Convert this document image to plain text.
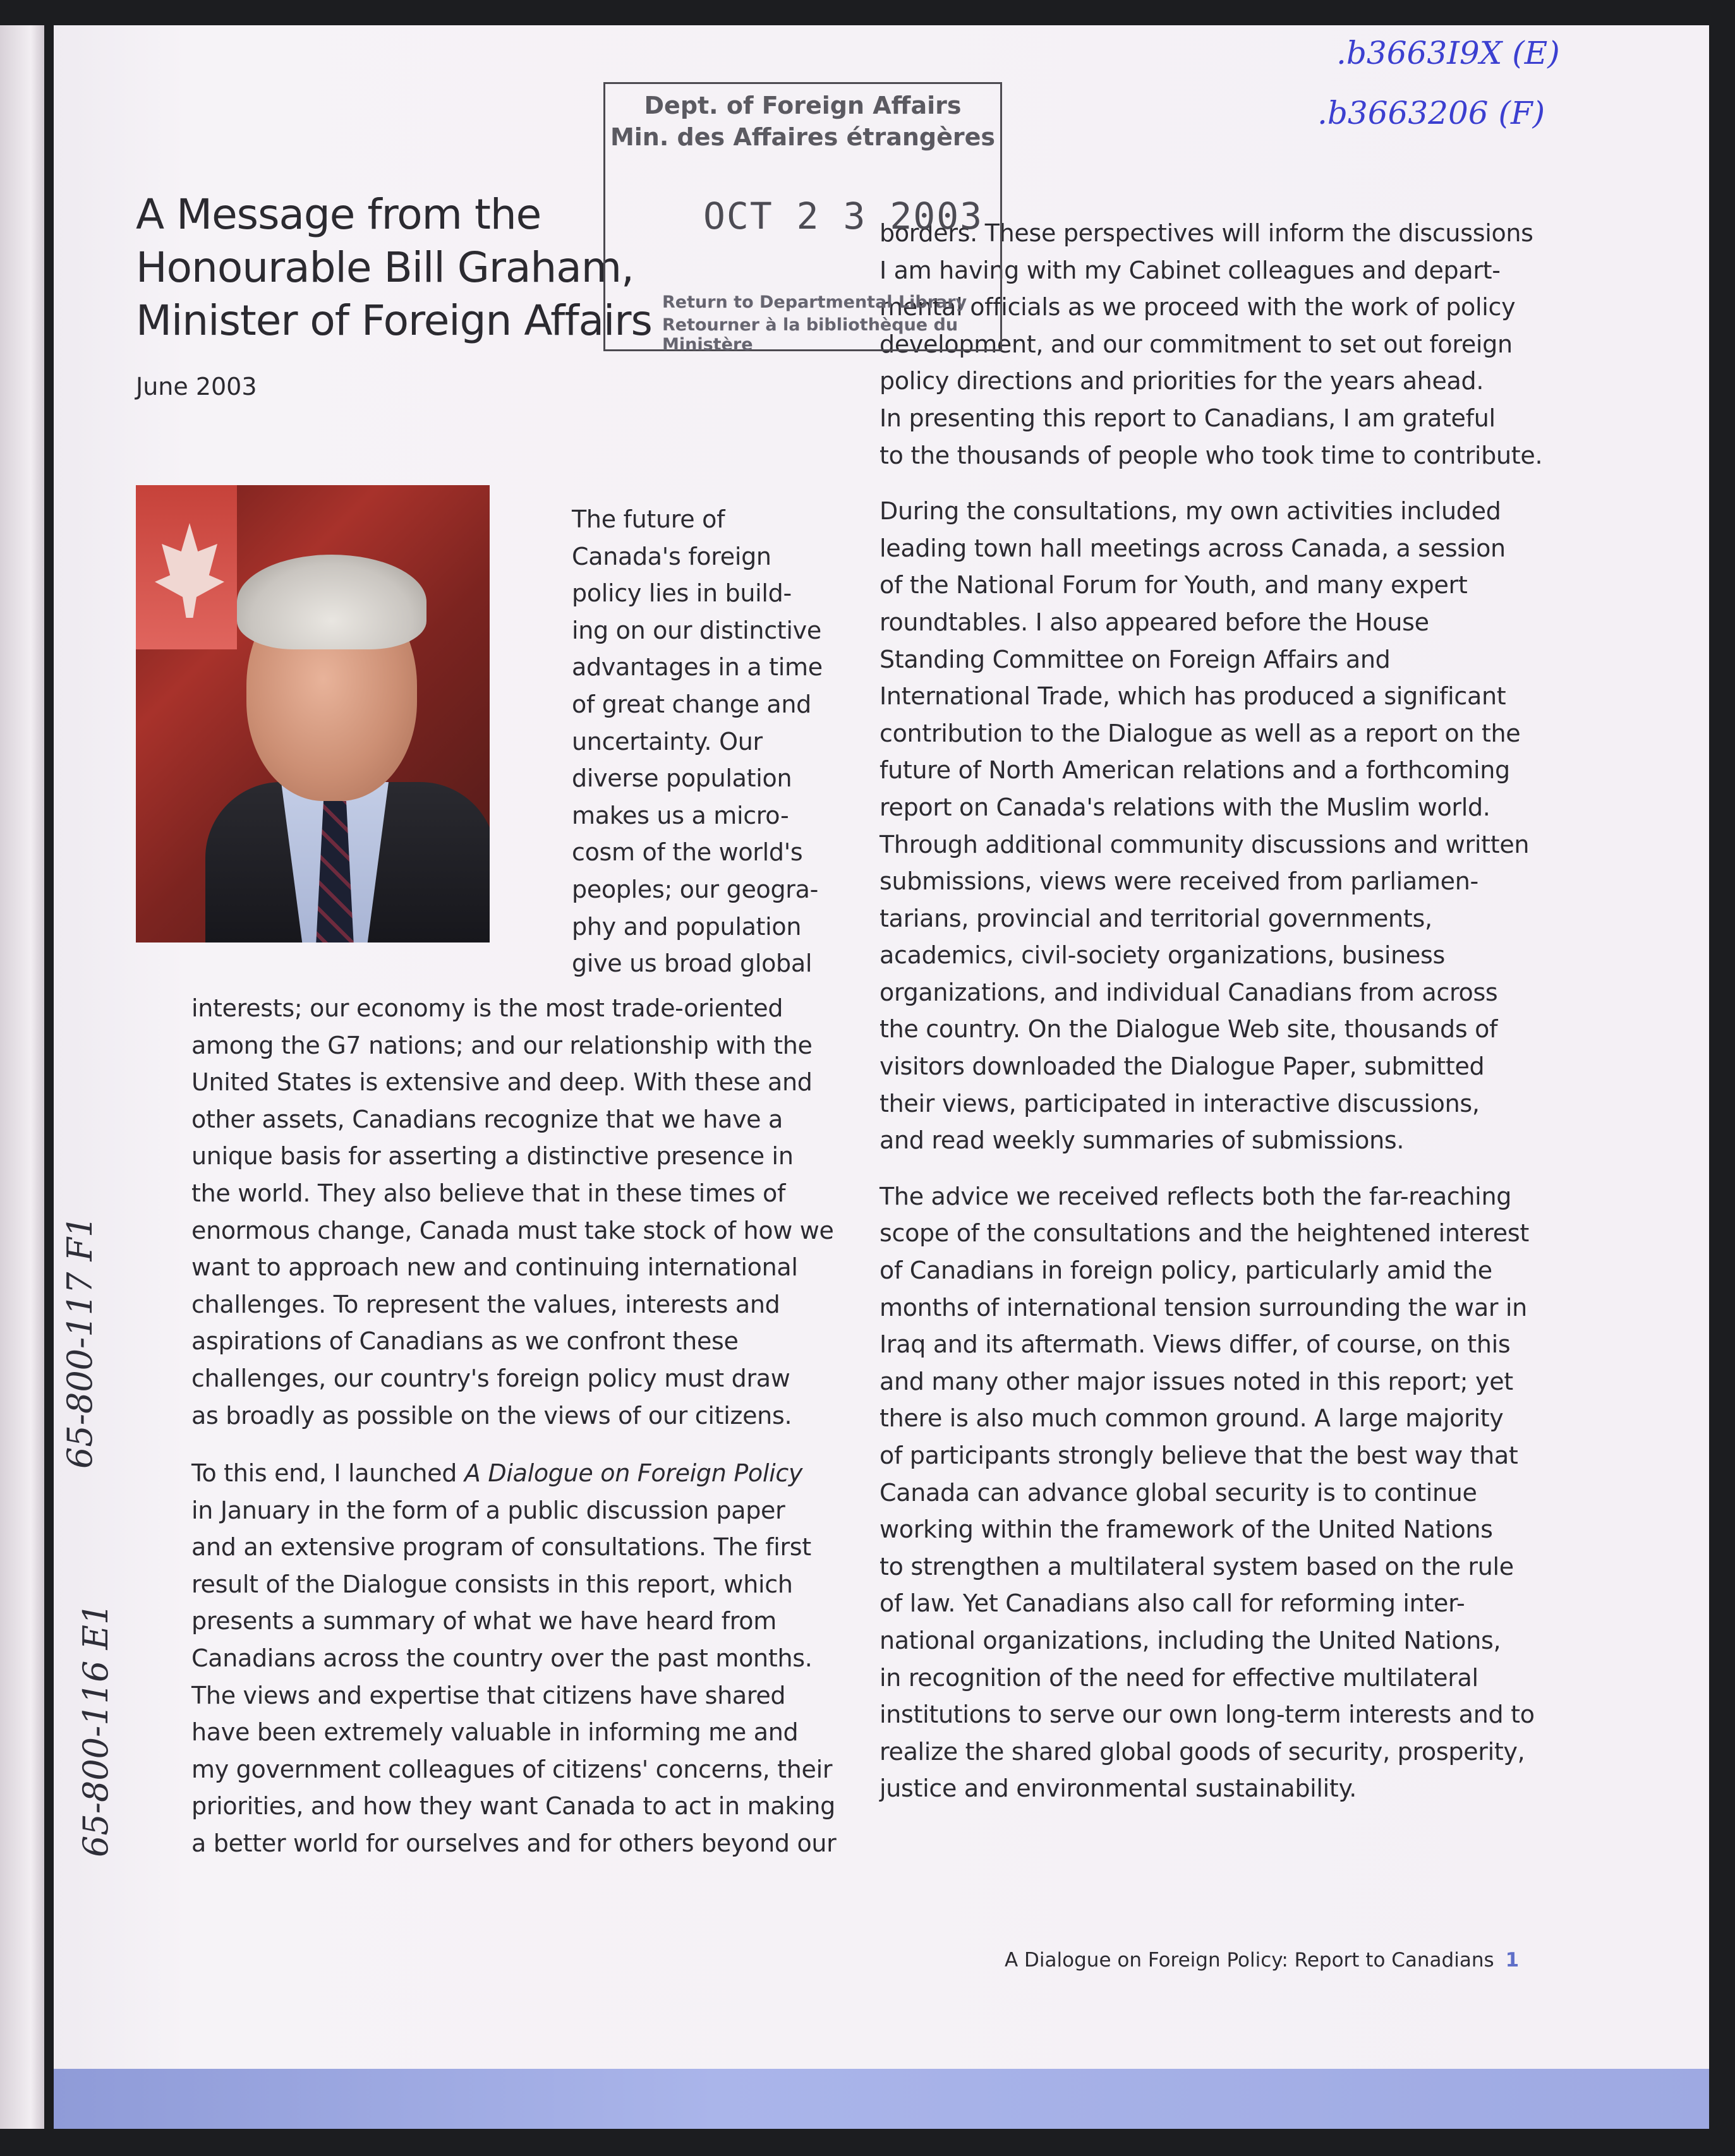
A Message from the
Honourable Bill Graham,
Minister of Foreign Affairs
June 2003
The future of
Canada's foreign
policy lies in build-
ing on our distinctive
advantages in a time
of great change and
uncertainty. Our
diverse population
makes us a micro-
cosm of the world's
peoples; our geogra-
phy and population
give us broad global
interests; our economy is the most trade-oriented
among the G7 nations; and our relationship with the
United States is extensive and deep. With these and
other assets, Canadians recognize that we have a
unique basis for asserting a distinctive presence in
the world. They also believe that in these times of
enormous change, Canada must take stock of how we
want to approach new and continuing international
challenges. To represent the values, interests and
aspirations of Canadians as we confront these
challenges, our country's foreign policy must draw
as broadly as possible on the views of our citizens.
To this end, I launched A Dialogue on Foreign Policy
in January in the form of a public discussion paper
and an extensive program of consultations. The first
result of the Dialogue consists in this report, which
presents a summary of what we have heard from
Canadians across the country over the past months.
The views and expertise that citizens have shared
have been extremely valuable in informing me and
my government colleagues of citizens' concerns, their
priorities, and how they want Canada to act in making
a better world for ourselves and for others beyond our

borders. These perspectives will inform the discussions
I am having with my Cabinet colleagues and depart-
mental officials as we proceed with the work of policy
development, and our commitment to set out foreign
policy directions and priorities for the years ahead.
In presenting this report to Canadians, I am grateful
to the thousands of people who took time to contribute.

During the consultations, my own activities included
leading town hall meetings across Canada, a session
of the National Forum for Youth, and many expert
roundtables. I also appeared before the House
Standing Committee on Foreign Affairs and
International Trade, which has produced a significant
contribution to the Dialogue as well as a report on the
future of North American relations and a forthcoming
report on Canada's relations with the Muslim world.
Through additional community discussions and written
submissions, views were received from parliamen-
tarians, provincial and territorial governments,
academics, civil-society organizations, business
organizations, and individual Canadians from across
the country. On the Dialogue Web site, thousands of
visitors downloaded the Dialogue Paper, submitted
their views, participated in interactive discussions,
and read weekly summaries of submissions.

The advice we received reflects both the far-reaching
scope of the consultations and the heightened interest
of Canadians in foreign policy, particularly amid the
months of international tension surrounding the war in
Iraq and its aftermath. Views differ, of course, on this
and many other major issues noted in this report; yet
there is also much common ground. A large majority
of participants strongly believe that the best way that
Canada can advance global security is to continue
working within the framework of the United Nations
to strengthen a multilateral system based on the rule
of law. Yet Canadians also call for reforming inter-
national organizations, including the United Nations,
in recognition of the need for effective multilateral
institutions to serve our own long-term interests and to
realize the shared global goods of security, prosperity,
justice and environmental sustainability.

Dept. of Foreign Affairs
Min. des Affaires étrangères
OCT 2 3 2003
Return to Departmental Library
Retourner à la bibliothèque du Ministère
.b3663I9X (E)
.b3663206 (F)
65-800-116 E1
65-800-117 F1
A Dialogue on Foreign Policy: Report to Canadians 1
